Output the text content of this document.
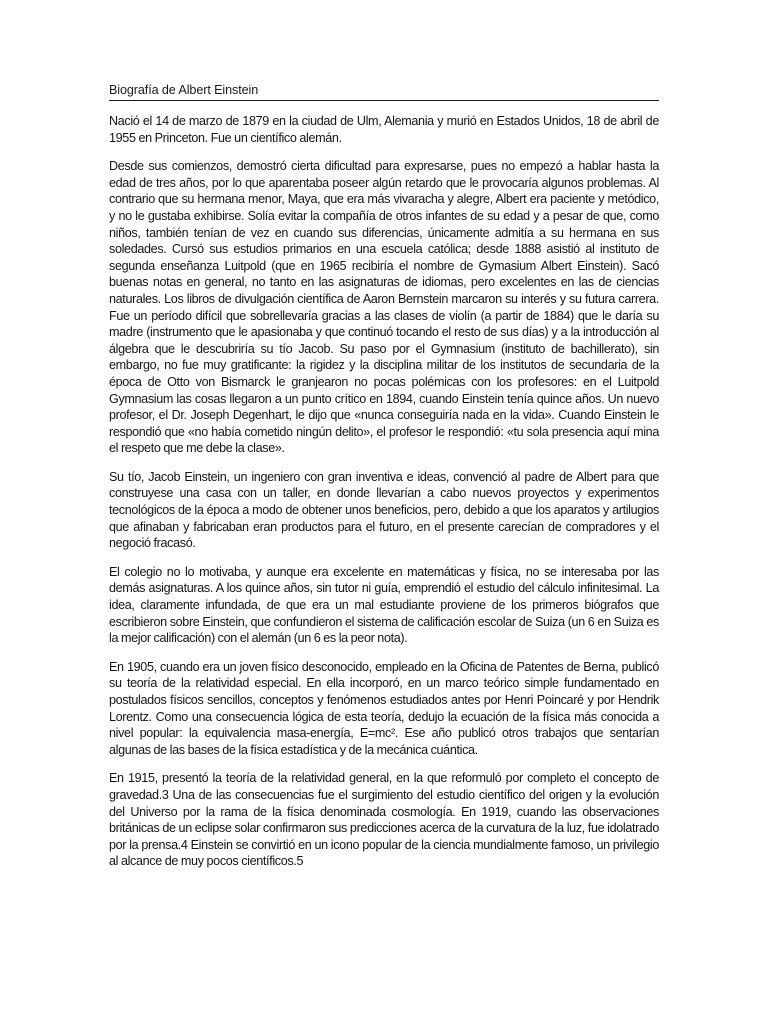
Biografía de Albert Einstein

Nació el 14 de marzo de 1879 en la ciudad de Ulm, Alemania y murió en Estados Unidos, 18 de abril de 1955 en Princeton. Fue un científico alemán.

Desde sus comienzos, demostró cierta dificultad para expresarse, pues no empezó a hablar hasta la edad de tres años, por lo que aparentaba poseer algún retardo que le provocaría algunos problemas. Al contrario que su hermana menor, Maya, que era más vivaracha y alegre, Albert era paciente y metódico, y no le gustaba exhibirse. Solía evitar la compañía de otros infantes de su edad y a pesar de que, como niños, también tenían de vez en cuando sus diferencias, únicamente admitía a su hermana en sus soledades. Cursó sus estudios primarios en una escuela católica; desde 1888 asistió al instituto de segunda enseñanza Luitpold (que en 1965 recibiría el nombre de Gymasium Albert Einstein). Sacó buenas notas en general, no tanto en las asignaturas de idiomas, pero excelentes en las de ciencias naturales. Los libros de divulgación científica de Aaron Bernstein marcaron su interés y su futura carrera. Fue un período difícil que sobrellevaría gracias a las clases de violín (a partir de 1884) que le daría su madre (instrumento que le apasionaba y que continuó tocando el resto de sus días) y a la introducción al álgebra que le descubriría su tío Jacob. Su paso por el Gymnasium (instituto de bachillerato), sin embargo, no fue muy gratificante: la rigidez y la disciplina militar de los institutos de secundaria de la época de Otto von Bismarck le granjearon no pocas polémicas con los profesores: en el Luitpold Gymnasium las cosas llegaron a un punto crítico en 1894, cuando Einstein tenía quince años. Un nuevo profesor, el Dr. Joseph Degenhart, le dijo que «nunca conseguiría nada en la vida». Cuando Einstein le respondió que «no había cometido ningún delito», el profesor le respondió: «tu sola presencia aquí mina el respeto que me debe la clase».

Su tío, Jacob Einstein, un ingeniero con gran inventiva e ideas, convenció al padre de Albert para que construyese una casa con un taller, en donde llevarían a cabo nuevos proyectos y experimentos tecnológicos de la época a modo de obtener unos beneficios, pero, debido a que los aparatos y artilugios que afinaban y fabricaban eran productos para el futuro, en el presente carecían de compradores y el negoció fracasó.

El colegio no lo motivaba, y aunque era excelente en matemáticas y física, no se interesaba por las demás asignaturas. A los quince años, sin tutor ni guía, emprendió el estudio del cálculo infinitesimal. La idea, claramente infundada, de que era un mal estudiante proviene de los primeros biógrafos que escribieron sobre Einstein, que confundieron el sistema de calificación escolar de Suiza (un 6 en Suiza es la mejor calificación) con el alemán (un 6 es la peor nota).

En 1905, cuando era un joven físico desconocido, empleado en la Oficina de Patentes de Berna, publicó su teoría de la relatividad especial. En ella incorporó, en un marco teórico simple fundamentado en postulados físicos sencillos, conceptos y fenómenos estudiados antes por Henri Poincaré y por Hendrik Lorentz. Como una consecuencia lógica de esta teoría, dedujo la ecuación de la física más conocida a nivel popular: la equivalencia masa-energía, E=mc². Ese año publicó otros trabajos que sentarían algunas de las bases de la física estadística y de la mecánica cuántica.

En 1915, presentó la teoría de la relatividad general, en la que reformuló por completo el concepto de gravedad.3 Una de las consecuencias fue el surgimiento del estudio científico del origen y la evolución del Universo por la rama de la física denominada cosmología. En 1919, cuando las observaciones británicas de un eclipse solar confirmaron sus predicciones acerca de la curvatura de la luz, fue idolatrado por la prensa.4 Einstein se convirtió en un icono popular de la ciencia mundialmente famoso, un privilegio al alcance de muy pocos científicos.5
